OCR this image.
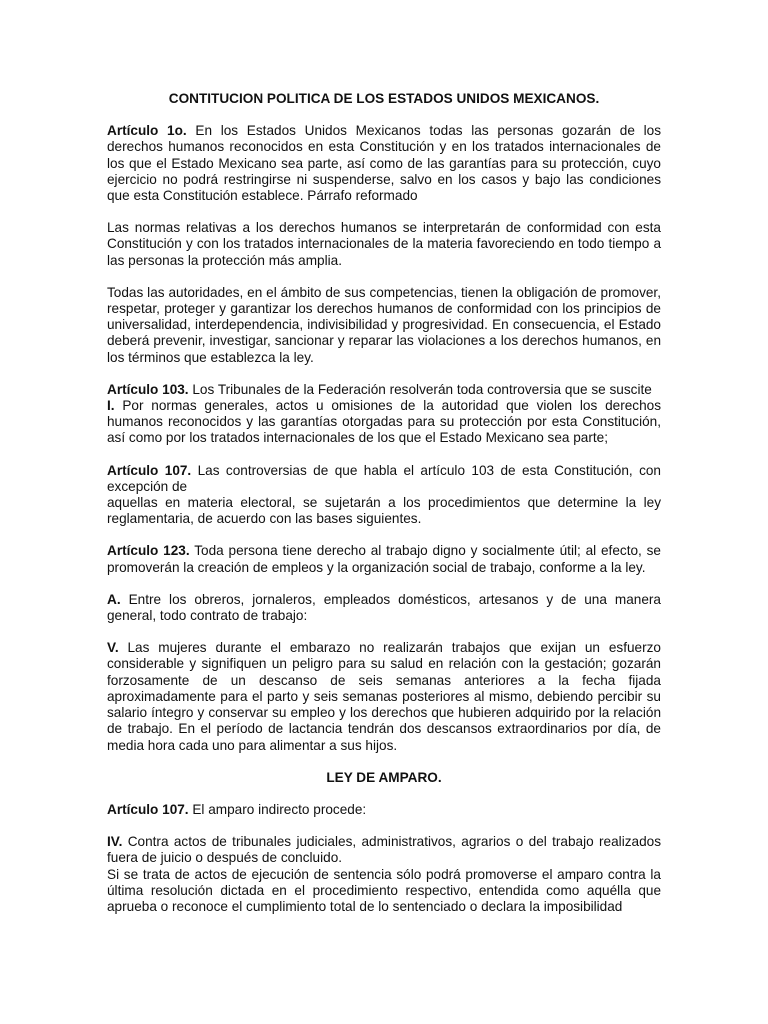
CONTITUCION POLITICA DE LOS ESTADOS UNIDOS MEXICANOS.

Artículo 1o. En los Estados Unidos Mexicanos todas las personas gozarán de los derechos humanos reconocidos en esta Constitución y en los tratados internacionales de los que el Estado Mexicano sea parte, así como de las garantías para su protección, cuyo ejercicio no podrá restringirse ni suspenderse, salvo en los casos y bajo las condiciones que esta Constitución establece. Párrafo reformado

Las normas relativas a los derechos humanos se interpretarán de conformidad con esta Constitución y con los tratados internacionales de la materia favoreciendo en todo tiempo a las personas la protección más amplia.

Todas las autoridades, en el ámbito de sus competencias, tienen la obligación de promover, respetar, proteger y garantizar los derechos humanos de conformidad con los principios de universalidad, interdependencia, indivisibilidad y progresividad. En consecuencia, el Estado deberá prevenir, investigar, sancionar y reparar las violaciones a los derechos humanos, en los términos que establezca la ley.

Artículo 103. Los Tribunales de la Federación resolverán toda controversia que se suscite

I. Por normas generales, actos u omisiones de la autoridad que violen los derechos humanos reconocidos y las garantías otorgadas para su protección por esta Constitución, así como por los tratados internacionales de los que el Estado Mexicano sea parte;

Artículo 107. Las controversias de que habla el artículo 103 de esta Constitución, con excepción de

aquellas en materia electoral, se sujetarán a los procedimientos que determine la ley reglamentaria, de acuerdo con las bases siguientes.

Artículo 123. Toda persona tiene derecho al trabajo digno y socialmente útil; al efecto, se promoverán la creación de empleos y la organización social de trabajo, conforme a la ley.

A. Entre los obreros, jornaleros, empleados domésticos, artesanos y de una manera general, todo contrato de trabajo:

V. Las mujeres durante el embarazo no realizarán trabajos que exijan un esfuerzo considerable y signifiquen un peligro para su salud en relación con la gestación; gozarán forzosamente de un descanso de seis semanas anteriores a la fecha fijada aproximadamente para el parto y seis semanas posteriores al mismo, debiendo percibir su salario íntegro y conservar su empleo y los derechos que hubieren adquirido por la relación de trabajo. En el período de lactancia tendrán dos descansos extraordinarios por día, de media hora cada uno para alimentar a sus hijos.

LEY DE AMPARO.

Artículo 107. El amparo indirecto procede:

IV. Contra actos de tribunales judiciales, administrativos, agrarios o del trabajo realizados fuera de juicio o después de concluido.

Si se trata de actos de ejecución de sentencia sólo podrá promoverse el amparo contra la última resolución dictada en el procedimiento respectivo, entendida como aquélla que aprueba o reconoce el cumplimiento total de lo sentenciado o declara la imposibilidad
